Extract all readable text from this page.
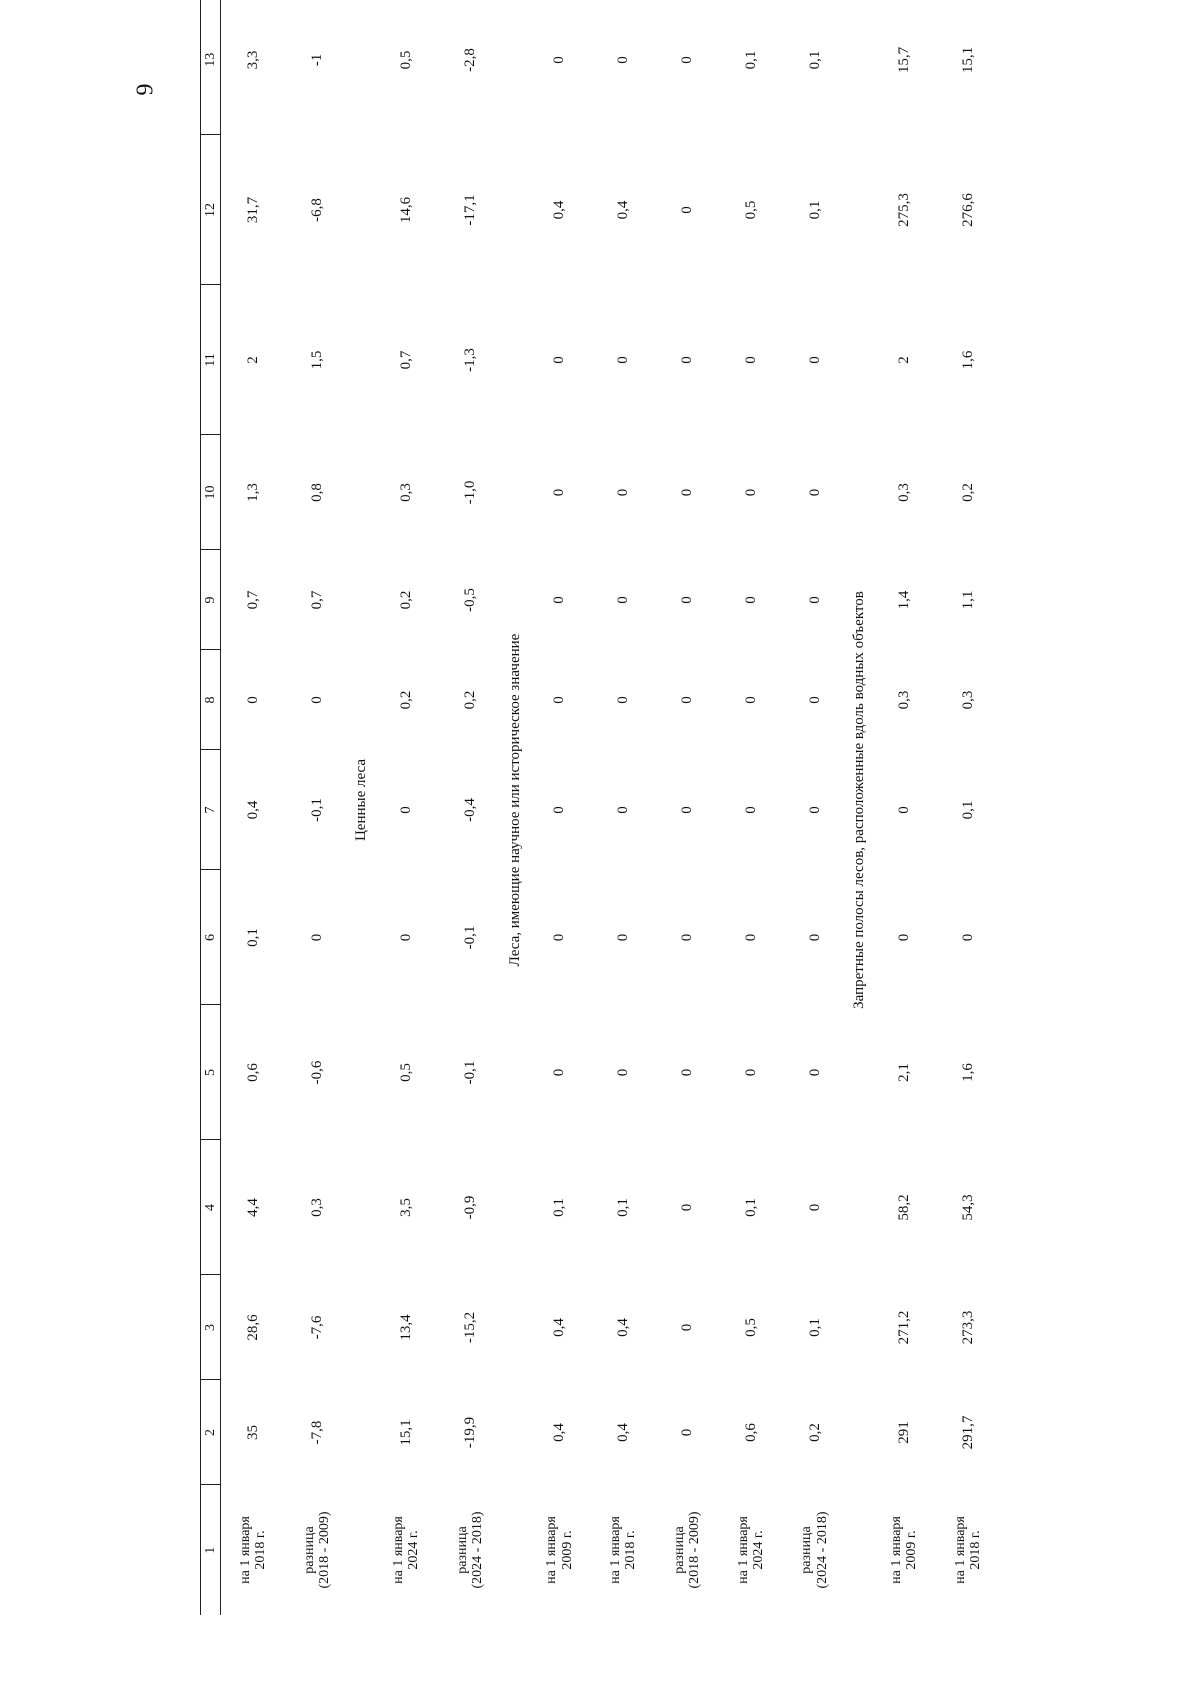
6
1	2	3	4	5	6	7	8	9	10	11	12	13

на 1 января 2018 г.	35	28,6	4,4	0,6	0,1	0,4	0	0,7	1,3	2	31,7	3,3

разница (2018 - 2009)	-7,8	-7,6	0,3	-0,6	0	-0,1	0	0,7	0,8	1,5	-6,8	-1
Ценные леса												

на 1 января 2024 г.	15,1	13,4	3,5	0,5	0	0	0,2	0,2	0,3	0,7	14,6	0,5

разница (2024 - 2018)	-19,9	-15,2	-0,9	-0,1	-0,1	-0,4	0,2	-0,5	-1,0	-1,3	-17,1	-2,8
Леса, имеющие научное или историческое значение												

на 1 января 2009 г.	0,4	0,4	0,1	0	0	0	0	0	0	0	0,4	0

на 1 января 2018 г.	0,4	0,4	0,1	0	0	0	0	0	0	0	0,4	0

разница (2018 - 2009)	0	0	0	0	0	0	0	0	0	0	0	0

на 1 января 2024 г.	0,6	0,5	0,1	0	0	0	0	0	0	0	0,5	0,1

разница (2024 - 2018)	0,2	0,1	0	0	0	0	0	0	0	0	0,1	0,1
Запретные полосы лесов, расположенные вдоль водных объектов												

на 1 января 2009 г.	291	271,2	58,2	2,1	0	0	0,3	1,4	0,3	2	275,3	15,7

на 1 января 2018 г.	291,7	273,3	54,3	1,6	0	0,1	0,3	1,1	0,2	1,6	276,6	15,1
